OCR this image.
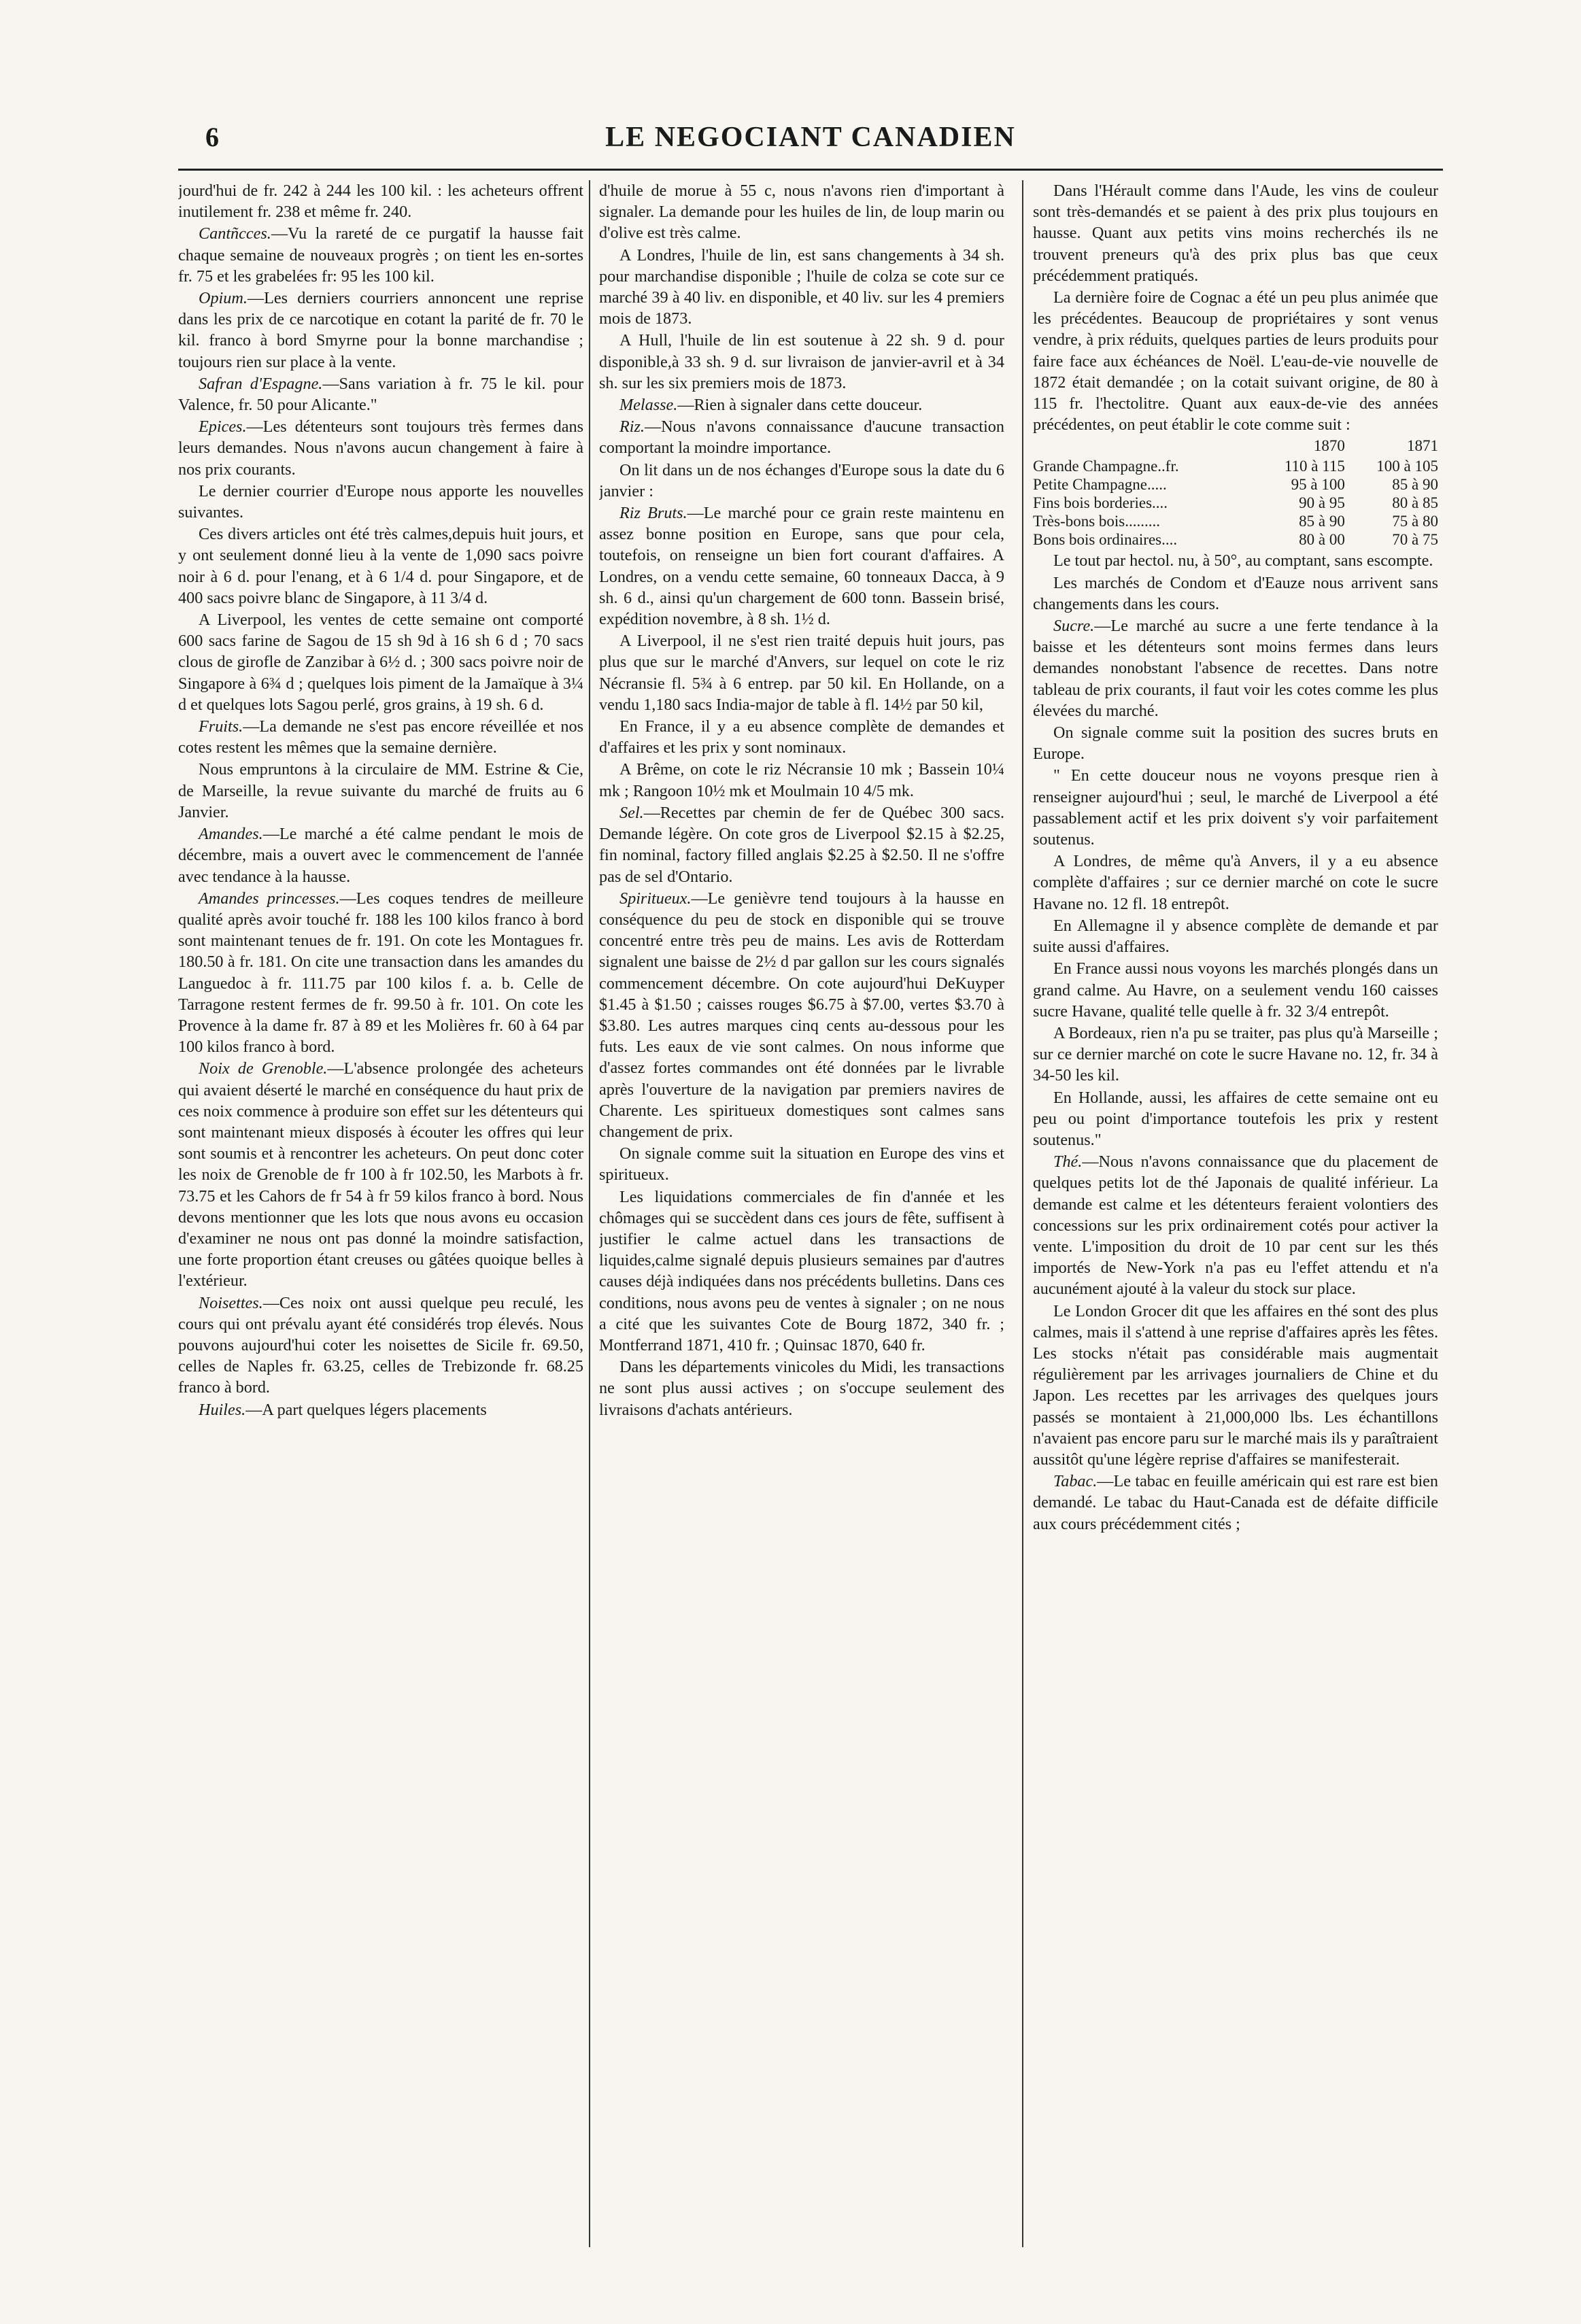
6	LE NEGOCIANT CANADIEN

jourd'hui de fr. 242 à 244 les 100 kil. : les acheteurs offrent inutilement fr. 238 et même fr. 240.

Cantñcces.—Vu la rareté de ce purgatif la hausse fait chaque semaine de nouveaux progrès ; on tient les en-sortes fr. 75 et les grabelées fr: 95 les 100 kil.

Opium.—Les derniers courriers annoncent une reprise dans les prix de ce narcotique en cotant la parité de fr. 70 le kil. franco à bord Smyrne pour la bonne marchandise ; toujours rien sur place à la vente.

Safran d'Espagne.—Sans variation à fr. 75 le kil. pour Valence, fr. 50 pour Alicante."

Epices.—Les détenteurs sont toujours très fermes dans leurs demandes. Nous n'avons aucun changement à faire à nos prix courants.

Le dernier courrier d'Europe nous apporte les nouvelles suivantes.

Ces divers articles ont été très calmes,depuis huit jours, et y ont seulement donné lieu à la vente de 1,090 sacs poivre noir à 6 d. pour l'enang, et à 6 1/4 d. pour Singapore, et de 400 sacs poivre blanc de Singapore, à 11 3/4 d.

A Liverpool, les ventes de cette semaine ont comporté 600 sacs farine de Sagou de 15 sh 9d à 16 sh 6 d ; 70 sacs clous de girofle de Zanzibar à 6½ d. ; 300 sacs poivre noir de Singapore à 6¾ d ; quelques lois piment de la Jamaïque à 3¼ d et quelques lots Sagou perlé, gros grains, à 19 sh. 6 d.

Fruits.—La demande ne s'est pas encore réveillée et nos cotes restent les mêmes que la semaine dernière.

Nous empruntons à la circulaire de MM. Estrine & Cie, de Marseille, la revue suivante du marché de fruits au 6 Janvier.

Amandes.—Le marché a été calme pendant le mois de décembre, mais a ouvert avec le commencement de l'année avec tendance à la hausse.

Amandes princesses.—Les coques tendres de meilleure qualité après avoir touché fr. 188 les 100 kilos franco à bord sont maintenant tenues de fr. 191. On cote les Montagues fr. 180.50 à fr. 181. On cite une transaction dans les amandes du Languedoc à fr. 111.75 par 100 kilos f. a. b. Celle de Tarragone restent fermes de fr. 99.50 à fr. 101. On cote les Provence à la dame fr. 87 à 89 et les Molières fr. 60 à 64 par 100 kilos franco à bord.

Noix de Grenoble.—L'absence prolongée des acheteurs qui avaient déserté le marché en conséquence du haut prix de ces noix commence à produire son effet sur les détenteurs qui sont maintenant mieux disposés à écouter les offres qui leur sont soumis et à rencontrer les acheteurs. On peut donc coter les noix de Grenoble de fr 100 à fr 102.50, les Marbots à fr. 73.75 et les Cahors de fr 54 à fr 59 kilos franco à bord. Nous devons mentionner que les lots que nous avons eu occasion d'examiner ne nous ont pas donné la moindre satisfaction, une forte proportion étant creuses ou gâtées quoique belles à l'extérieur.

Noisettes.—Ces noix ont aussi quelque peu reculé, les cours qui ont prévalu ayant été considérés trop élevés. Nous pouvons aujourd'hui coter les noisettes de Sicile fr. 69.50, celles de Naples fr. 63.25, celles de Trebizonde fr. 68.25 franco à bord.

Huiles.—A part quelques légers placements

d'huile de morue à 55 c, nous n'avons rien d'important à signaler. La demande pour les huiles de lin, de loup marin ou d'olive est très calme.

A Londres, l'huile de lin, est sans changements à 34 sh. pour marchandise disponible ; l'huile de colza se cote sur ce marché 39 à 40 liv. en disponible, et 40 liv. sur les 4 premiers mois de 1873.

A Hull, l'huile de lin est soutenue à 22 sh. 9 d. pour disponible,à 33 sh. 9 d. sur livraison de janvier-avril et à 34 sh. sur les six premiers mois de 1873.

Melasse.—Rien à signaler dans cette douceur.

Riz.—Nous n'avons connaissance d'aucune transaction comportant la moindre importance.

On lit dans un de nos échanges d'Europe sous la date du 6 janvier :

Riz Bruts.—Le marché pour ce grain reste maintenu en assez bonne position en Europe, sans que pour cela, toutefois, on renseigne un bien fort courant d'affaires. A Londres, on a vendu cette semaine, 60 tonneaux Dacca, à 9 sh. 6 d., ainsi qu'un chargement de 600 tonn. Bassein brisé, expédition novembre, à 8 sh. 1½ d.

A Liverpool, il ne s'est rien traité depuis huit jours, pas plus que sur le marché d'Anvers, sur lequel on cote le riz Nécransie fl. 5¾ à 6 entrep. par 50 kil. En Hollande, on a vendu 1,180 sacs India-major de table à fl. 14½ par 50 kil,

En France, il y a eu absence complète de demandes et d'affaires et les prix y sont nominaux.

A Brême, on cote le riz Nécransie 10 mk ; Bassein 10¼ mk ; Rangoon 10½ mk et Moulmain 10 4/5 mk.

Sel.—Recettes par chemin de fer de Québec 300 sacs. Demande légère. On cote gros de Liverpool $2.15 à $2.25, fin nominal, factory filled anglais $2.25 à $2.50. Il ne s'offre pas de sel d'Ontario.

Spiritueux.—Le genièvre tend toujours à la hausse en conséquence du peu de stock en disponible qui se trouve concentré entre très peu de mains. Les avis de Rotterdam signalent une baisse de 2½ d par gallon sur les cours signalés commencement décembre. On cote aujourd'hui DeKuyper $1.45 à $1.50 ; caisses rouges $6.75 à $7.00, vertes $3.70 à $3.80. Les autres marques cinq cents au-dessous pour les futs. Les eaux de vie sont calmes. On nous informe que d'assez fortes commandes ont été données par le livrable après l'ouverture de la navigation par premiers navires de Charente. Les spiritueux domestiques sont calmes sans changement de prix.

On signale comme suit la situation en Europe des vins et spiritueux.

Les liquidations commerciales de fin d'année et les chômages qui se succèdent dans ces jours de fête, suffisent à justifier le calme actuel dans les transactions de liquides,calme signalé depuis plusieurs semaines par d'autres causes déjà indiquées dans nos précédents bulletins. Dans ces conditions, nous avons peu de ventes à signaler ; on ne nous a cité que les suivantes Cote de Bourg 1872, 340 fr. ; Montferrand 1871, 410 fr. ; Quinsac 1870, 640 fr.

Dans les départements vinicoles du Midi, les transactions ne sont plus aussi actives ; on s'occupe seulement des livraisons d'achats antérieurs.

Dans l'Hérault comme dans l'Aude, les vins de couleur sont très-demandés et se paient à des prix plus toujours en hausse. Quant aux petits vins moins recherchés ils ne trouvent preneurs qu'à des prix plus bas que ceux précédemment pratiqués.

La dernière foire de Cognac a été un peu plus animée que les précédentes. Beaucoup de propriétaires y sont venus vendre, à prix réduits, quelques parties de leurs produits pour faire face aux échéances de Noël. L'eau-de-vie nouvelle de 1872 était demandée ; on la cotait suivant origine, de 80 à 115 fr. l'hectolitre. Quant aux eaux-de-vie des années précédentes, on peut établir le cote comme suit :

	1870	1871
Grande Champagne..fr.	110 à 115	100 à 105
Petite Champagne.....	95 à 100	85 à 90
Fins bois borderies....	90 à 95	80 à 85
Très-bons bois.........	85 à 90	75 à 80
Bons bois ordinaires....	80 à 00	70 à 75

Le tout par hectol. nu, à 50°, au comptant, sans escompte.

Les marchés de Condom et d'Eauze nous arrivent sans changements dans les cours.

Sucre.—Le marché au sucre a une ferte tendance à la baisse et les détenteurs sont moins fermes dans leurs demandes nonobstant l'absence de recettes. Dans notre tableau de prix courants, il faut voir les cotes comme les plus élevées du marché.

On signale comme suit la position des sucres bruts en Europe.

" En cette douceur nous ne voyons presque rien à renseigner aujourd'hui ; seul, le marché de Liverpool a été passablement actif et les prix doivent s'y voir parfaitement soutenus.

A Londres, de même qu'à Anvers, il y a eu absence complète d'affaires ; sur ce dernier marché on cote le sucre Havane no. 12 fl. 18 entrepôt.

En Allemagne il y absence complète de demande et par suite aussi d'affaires.

En France aussi nous voyons les marchés plongés dans un grand calme. Au Havre, on a seulement vendu 160 caisses sucre Havane, qualité telle quelle à fr. 32 3/4 entrepôt.

A Bordeaux, rien n'a pu se traiter, pas plus qu'à Marseille ; sur ce dernier marché on cote le sucre Havane no. 12, fr. 34 à 34-50 les kil.

En Hollande, aussi, les affaires de cette semaine ont eu peu ou point d'importance toutefois les prix y restent soutenus."

Thé.—Nous n'avons connaissance que du placement de quelques petits lot de thé Japonais de qualité inférieur. La demande est calme et les détenteurs feraient volontiers des concessions sur les prix ordinairement cotés pour activer la vente. L'imposition du droit de 10 par cent sur les thés importés de New-York n'a pas eu l'effet attendu et n'a aucunément ajouté à la valeur du stock sur place.

Le London Grocer dit que les affaires en thé sont des plus calmes, mais il s'attend à une reprise d'affaires après les fêtes. Les stocks n'était pas considérable mais augmentait régulièrement par les arrivages journaliers de Chine et du Japon. Les recettes par les arrivages des quelques jours passés se montaient à 21,000,000 lbs. Les échantillons n'avaient pas encore paru sur le marché mais ils y paraîtraient aussitôt qu'une légère reprise d'affaires se manifesterait.

Tabac.—Le tabac en feuille américain qui est rare est bien demandé. Le tabac du Haut-Canada est de défaite difficile aux cours précédemment cités ;
